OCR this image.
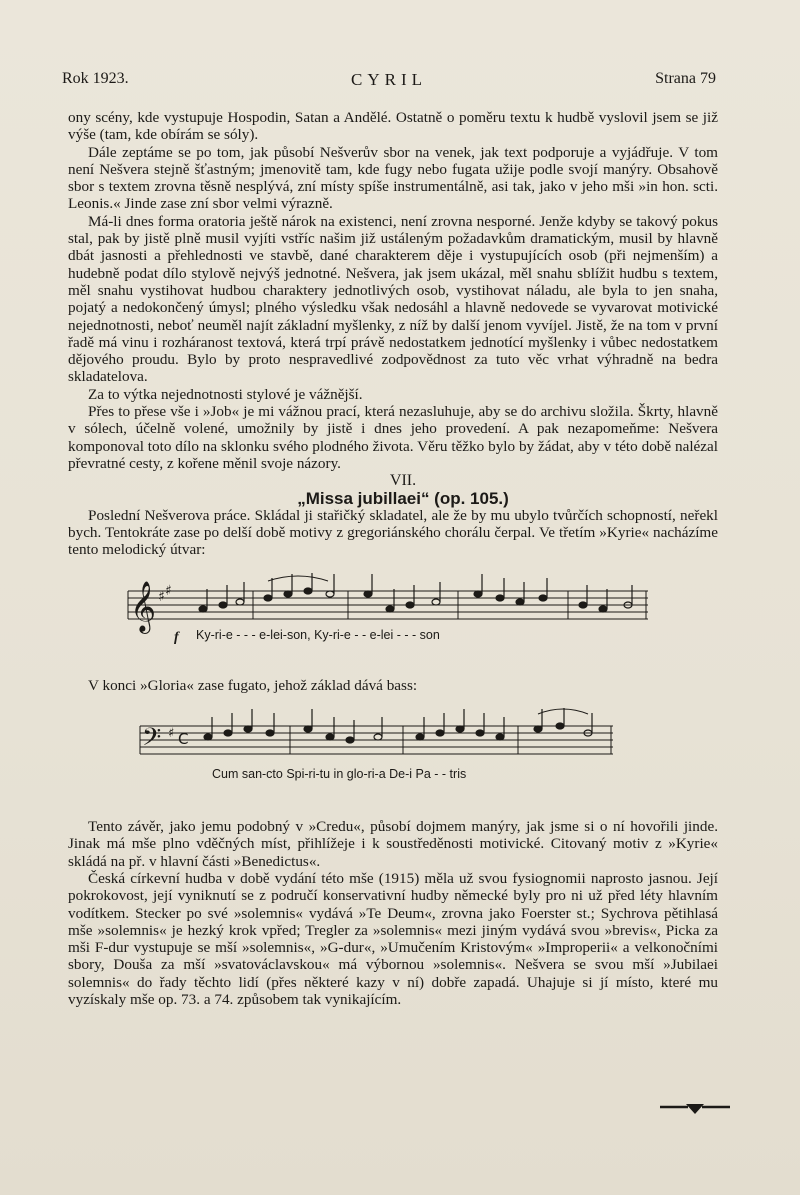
Rok 1923.	CYRIL	Strana 79

ony scény, kde vystupuje Hospodin, Satan a Andělé. Ostatně o poměru textu k hudbě vyslovil jsem se již výše (tam, kde obírám se sóly).

Dále zeptáme se po tom, jak působí Nešverův sbor na venek, jak text podporuje a vyjádřuje. V tom není Nešvera stejně šťastným; jmenovitě tam, kde fugy nebo fugata užije podle svojí manýry. Obsahově sbor s textem zrovna těsně nesplývá, zní místy spíše instrumentálně, asi tak, jako v jeho mši »in hon. scti. Leonis.« Jinde zase zní sbor velmi výrazně.

Má-li dnes forma oratoria ještě nárok na existenci, není zrovna nesporné. Jenže kdyby se takový pokus stal, pak by jistě plně musil vyjíti vstříc našim již ustáleným požadavkům dramatickým, musil by hlavně dbát jasnosti a přehlednosti ve stavbě, dané charakterem děje i vystupujících osob (při nejmenším) a hudebně podat dílo stylově nejvýš jednotné. Nešvera, jak jsem ukázal, měl snahu sblížit hudbu s textem, měl snahu vystihovat hudbou charaktery jednotlivých osob, vystihovat náladu, ale byla to jen snaha, pojatý a nedokončený úmysl; plného výsledku však nedosáhl a hlavně nedovede se vyvarovat motivické nejednotnosti, neboť neuměl najít základní myšlenky, z níž by další jenom vyvíjel. Jistě, že na tom v první řadě má vinu i rozháranost textová, která trpí právě nedostatkem jednotící myšlenky i vůbec nedostatkem dějového proudu. Bylo by proto nespravedlivé zodpovědnost za tuto věc vrhat výhradně na bedra skladatelova.

Za to výtka nejednotnosti stylové je vážnější.

Přes to přese vše i »Job« je mi vážnou prací, která nezasluhuje, aby se do archivu složila. Škrty, hlavně v sólech, účelně volené, umožnily by jistě i dnes jeho provedení. A pak nezapomeňme: Nešvera komponoval toto dílo na sklonku svého plodného života. Věru těžko bylo by žádat, aby v této době nalézal převratné cesty, z kořene měnil svoje názory.

VII.

„Missa jubillaei“ (op. 105.)

Poslední Nešverova práce. Skládal ji stařičký skladatel, ale že by mu ubylo tvůrčích schopností, neřekl bych. Tentokráte zase po delší době motivy z gregoriánského chorálu čerpal. Ve třetím »Kyrie« nacházíme tento melodický útvar:

𝄞 ♯ ♯
f Ky-ri-e - - - e-lei-son, Ky-ri-e - - e-lei - - - son

V konci »Gloria« zase fugato, jehož základ dává bass:

𝄢 ♯ C
Cum san-cto Spi-ri-tu in glo-ri-a De-i Pa - - tris

Tento závěr, jako jemu podobný v »Credu«, působí dojmem manýry, jak jsme si o ní hovořili jinde. Jinak má mše plno vděčných míst, přihlížeje i k soustředěnosti motivické. Citovaný motiv z »Kyrie« skládá na př. v hlavní části »Benedictus«.

Česká církevní hudba v době vydání této mše (1915) měla už svou fysiognomii naprosto jasnou. Její pokrokovost, její vyniknutí se z područí konservativní hudby německé byly pro ni už před léty hlavním vodítkem. Stecker po své »solemnis« vydává »Te Deum«, zrovna jako Foerster st.; Sychrova pětihlasá mše »solemnis« je hezký krok vpřed; Tregler za »solemnis« mezi jiným vydává svou »brevis«, Picka za mši F-dur vystupuje se mší »solemnis«, »G-dur«, »Umučením Kristovým« »Improperii« a velkonočními sbory, Douša za mší »svatováclavskou« má výbornou »solemnis«. Nešvera se svou mší »Jubilaei solemnis« do řady těchto lidí (přes některé kazy v ní) dobře zapadá. Uhajuje si jí místo, které mu vyzískaly mše op. 73. a 74. způsobem tak vynikajícím.
